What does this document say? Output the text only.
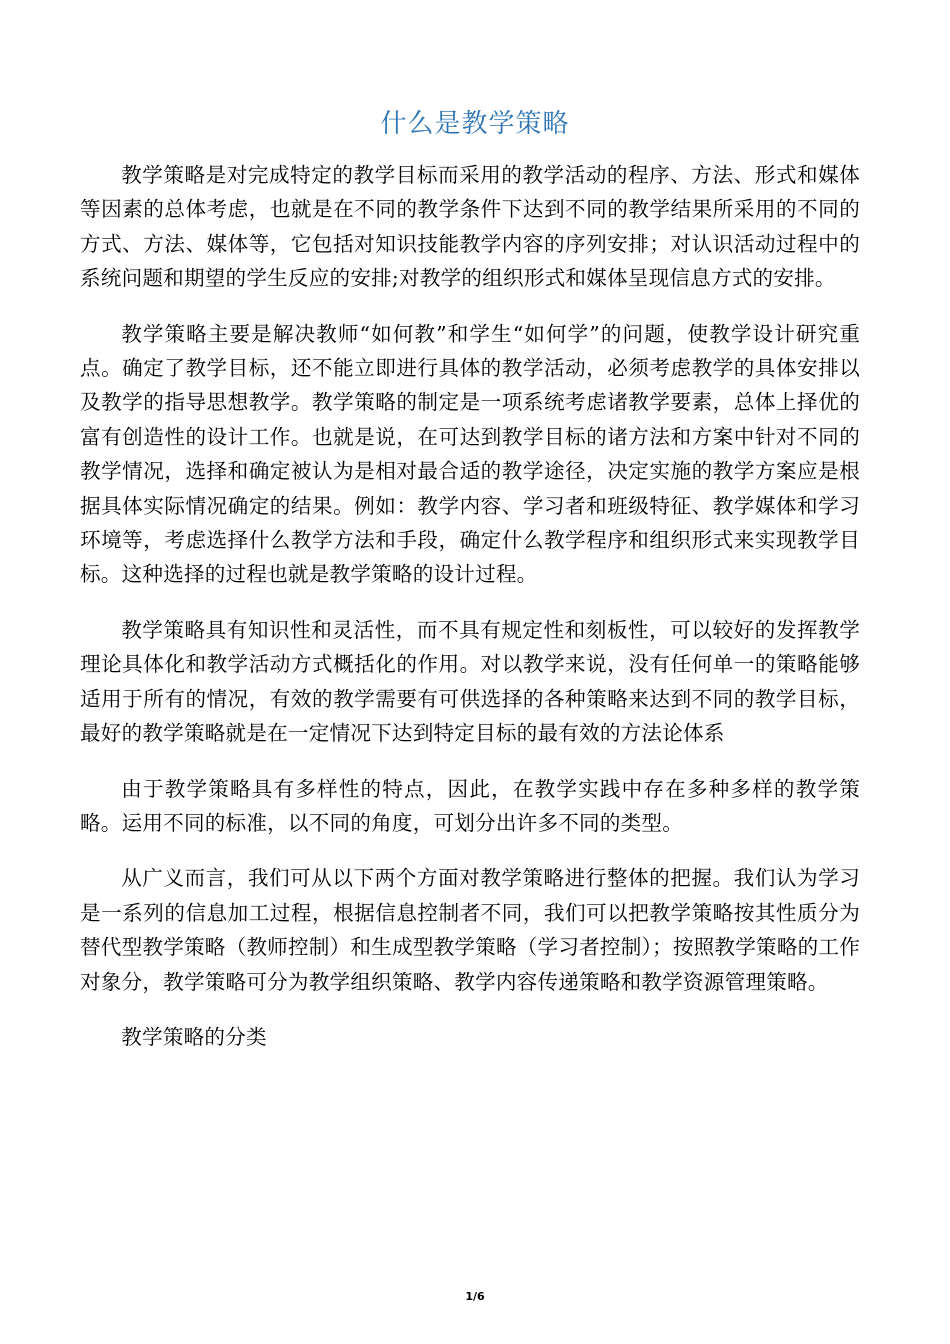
什么是教学策略

教学策略是对完成特定的教学目标而采用的教学活动的程序、方法、形式和媒体等因素的总体考虑，也就是在不同的教学条件下达到不同的教学结果所采用的不同的方式、方法、媒体等，它包括对知识技能教学内容的序列安排；对认识活动过程中的系统问题和期望的学生反应的安排;对教学的组织形式和媒体呈现信息方式的安排。

教学策略主要是解决教师“如何教”和学生“如何学”的问题，使教学设计研究重点。确定了教学目标，还不能立即进行具体的教学活动，必须考虑教学的具体安排以及教学的指导思想教学。教学策略的制定是一项系统考虑诸教学要素，总体上择优的富有创造性的设计工作。也就是说，在可达到教学目标的诸方法和方案中针对不同的教学情况，选择和确定被认为是相对最合适的教学途径，决定实施的教学方案应是根据具体实际情况确定的结果。例如：教学内容、学习者和班级特征、教学媒体和学习环境等，考虑选择什么教学方法和手段，确定什么教学程序和组织形式来实现教学目标。这种选择的过程也就是教学策略的设计过程。

教学策略具有知识性和灵活性，而不具有规定性和刻板性，可以较好的发挥教学理论具体化和教学活动方式概括化的作用。对以教学来说，没有任何单一的策略能够适用于所有的情况，有效的教学需要有可供选择的各种策略来达到不同的教学目标，最好的教学策略就是在一定情况下达到特定目标的最有效的方法论体系

由于教学策略具有多样性的特点，因此，在教学实践中存在多种多样的教学策略。运用不同的标准，以不同的角度，可划分出许多不同的类型。

从广义而言，我们可从以下两个方面对教学策略进行整体的把握。我们认为学习是一系列的信息加工过程，根据信息控制者不同，我们可以把教学策略按其性质分为替代型教学策略（教师控制）和生成型教学策略（学习者控制）；按照教学策略的工作对象分，教学策略可分为教学组织策略、教学内容传递策略和教学资源管理策略。

教学策略的分类

1/6
